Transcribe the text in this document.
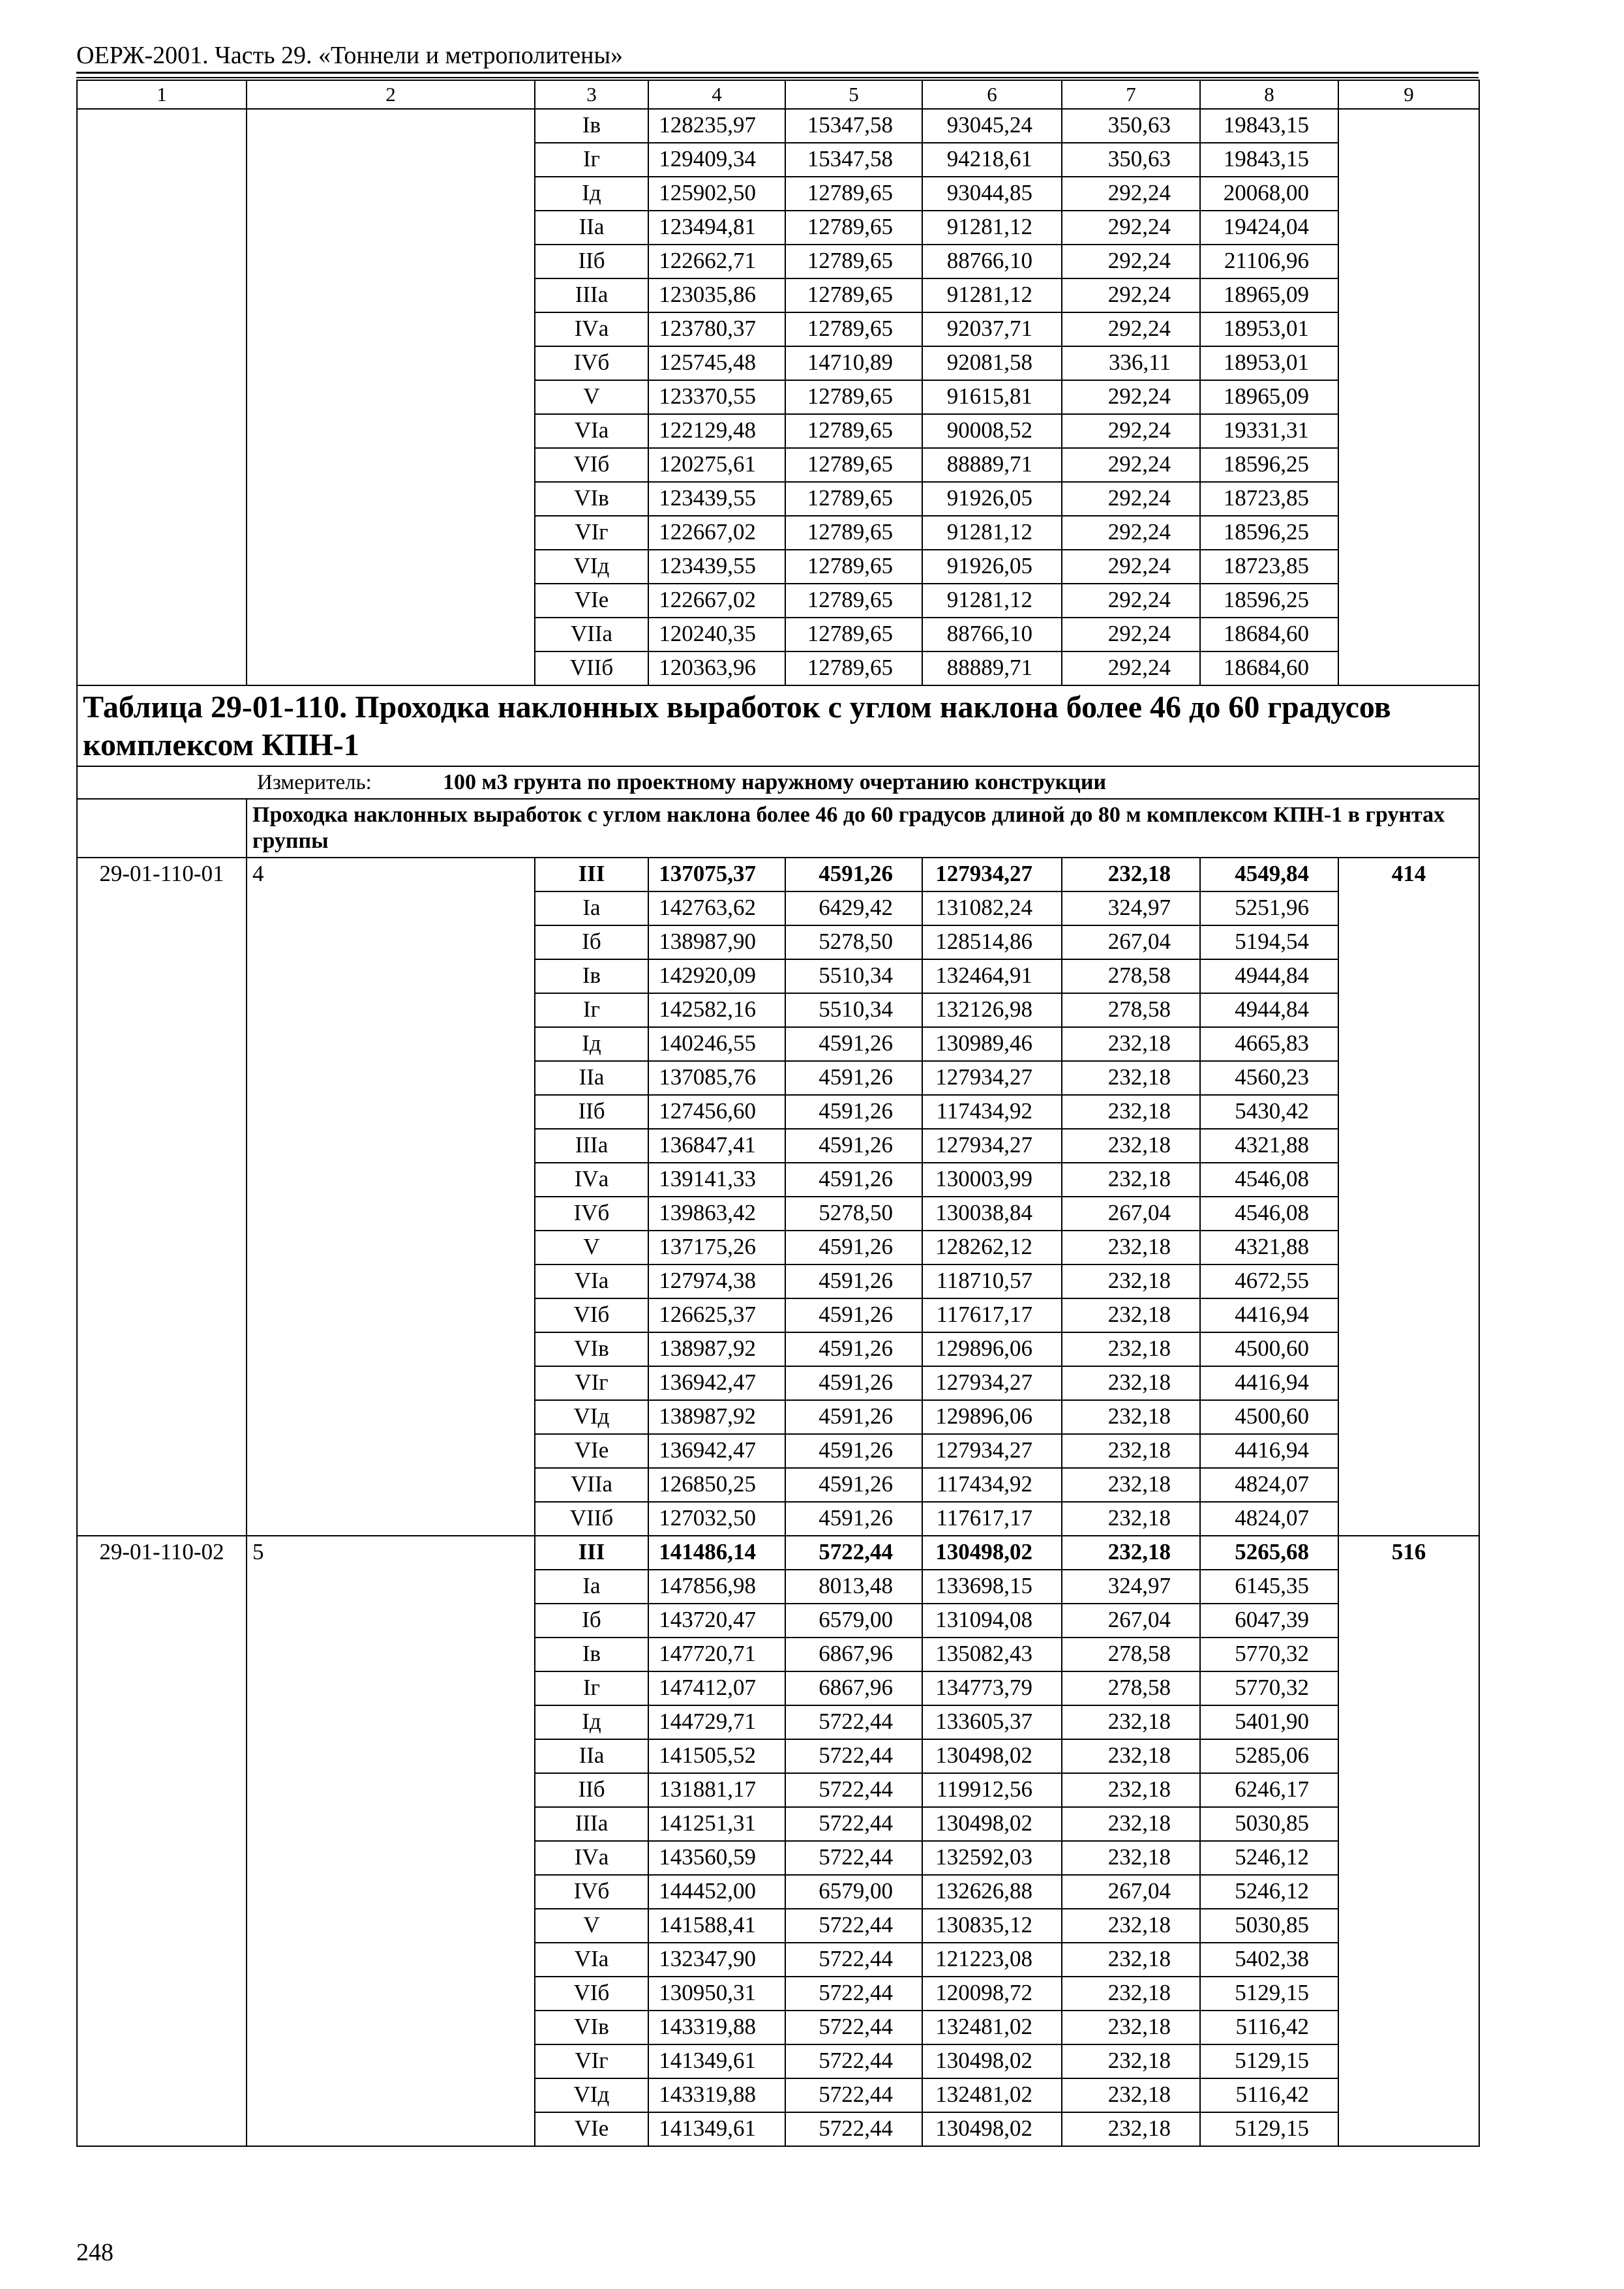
ОЕРЖ-2001. Часть 29. «Тоннели и метрополитены»
1	2	3	4	5	6	7	8	9
		Iв	128235,97	15347,58	93045,24	350,63	19843,15	
		Iг	129409,34	15347,58	94218,61	350,63	19843,15	
		Iд	125902,50	12789,65	93044,85	292,24	20068,00	
		IIа	123494,81	12789,65	91281,12	292,24	19424,04	
		IIб	122662,71	12789,65	88766,10	292,24	21106,96	
		IIIа	123035,86	12789,65	91281,12	292,24	18965,09	
		IVа	123780,37	12789,65	92037,71	292,24	18953,01	
		IVб	125745,48	14710,89	92081,58	336,11	18953,01	
		V	123370,55	12789,65	91615,81	292,24	18965,09	
		VIа	122129,48	12789,65	90008,52	292,24	19331,31	
		VIб	120275,61	12789,65	88889,71	292,24	18596,25	
		VIв	123439,55	12789,65	91926,05	292,24	18723,85	
		VIг	122667,02	12789,65	91281,12	292,24	18596,25	
		VIд	123439,55	12789,65	91926,05	292,24	18723,85	
		VIе	122667,02	12789,65	91281,12	292,24	18596,25	
		VIIа	120240,35	12789,65	88766,10	292,24	18684,60	
		VIIб	120363,96	12789,65	88889,71	292,24	18684,60	
Таблица 29-01-110. Проходка наклонных выработок с углом наклона более 46 до 60 градусов комплексом КПН-1								
Измеритель: 100 м3 грунта по проектному наружному очертанию конструкции								
	Проходка наклонных выработок с углом наклона более 46 до 60 градусов длиной до 80 м комплексом КПН-1 в грунтах группы							
29-01-110-01	4	III	137075,37	4591,26	127934,27	232,18	4549,84	414
		Iа	142763,62	6429,42	131082,24	324,97	5251,96	
		Iб	138987,90	5278,50	128514,86	267,04	5194,54	
		Iв	142920,09	5510,34	132464,91	278,58	4944,84	
		Iг	142582,16	5510,34	132126,98	278,58	4944,84	
		Iд	140246,55	4591,26	130989,46	232,18	4665,83	
		IIа	137085,76	4591,26	127934,27	232,18	4560,23	
		IIб	127456,60	4591,26	117434,92	232,18	5430,42	
		IIIа	136847,41	4591,26	127934,27	232,18	4321,88	
		IVа	139141,33	4591,26	130003,99	232,18	4546,08	
		IVб	139863,42	5278,50	130038,84	267,04	4546,08	
		V	137175,26	4591,26	128262,12	232,18	4321,88	
		VIа	127974,38	4591,26	118710,57	232,18	4672,55	
		VIб	126625,37	4591,26	117617,17	232,18	4416,94	
		VIв	138987,92	4591,26	129896,06	232,18	4500,60	
		VIг	136942,47	4591,26	127934,27	232,18	4416,94	
		VIд	138987,92	4591,26	129896,06	232,18	4500,60	
		VIе	136942,47	4591,26	127934,27	232,18	4416,94	
		VIIа	126850,25	4591,26	117434,92	232,18	4824,07	
		VIIб	127032,50	4591,26	117617,17	232,18	4824,07	
29-01-110-02	5	III	141486,14	5722,44	130498,02	232,18	5265,68	516
		Iа	147856,98	8013,48	133698,15	324,97	6145,35	
		Iб	143720,47	6579,00	131094,08	267,04	6047,39	
		Iв	147720,71	6867,96	135082,43	278,58	5770,32	
		Iг	147412,07	6867,96	134773,79	278,58	5770,32	
		Iд	144729,71	5722,44	133605,37	232,18	5401,90	
		IIа	141505,52	5722,44	130498,02	232,18	5285,06	
		IIб	131881,17	5722,44	119912,56	232,18	6246,17	
		IIIа	141251,31	5722,44	130498,02	232,18	5030,85	
		IVа	143560,59	5722,44	132592,03	232,18	5246,12	
		IVб	144452,00	6579,00	132626,88	267,04	5246,12	
		V	141588,41	5722,44	130835,12	232,18	5030,85	
		VIа	132347,90	5722,44	121223,08	232,18	5402,38	
		VIб	130950,31	5722,44	120098,72	232,18	5129,15	
		VIв	143319,88	5722,44	132481,02	232,18	5116,42	
		VIг	141349,61	5722,44	130498,02	232,18	5129,15	
		VIд	143319,88	5722,44	132481,02	232,18	5116,42	
		VIе	141349,61	5722,44	130498,02	232,18	5129,15	
248
